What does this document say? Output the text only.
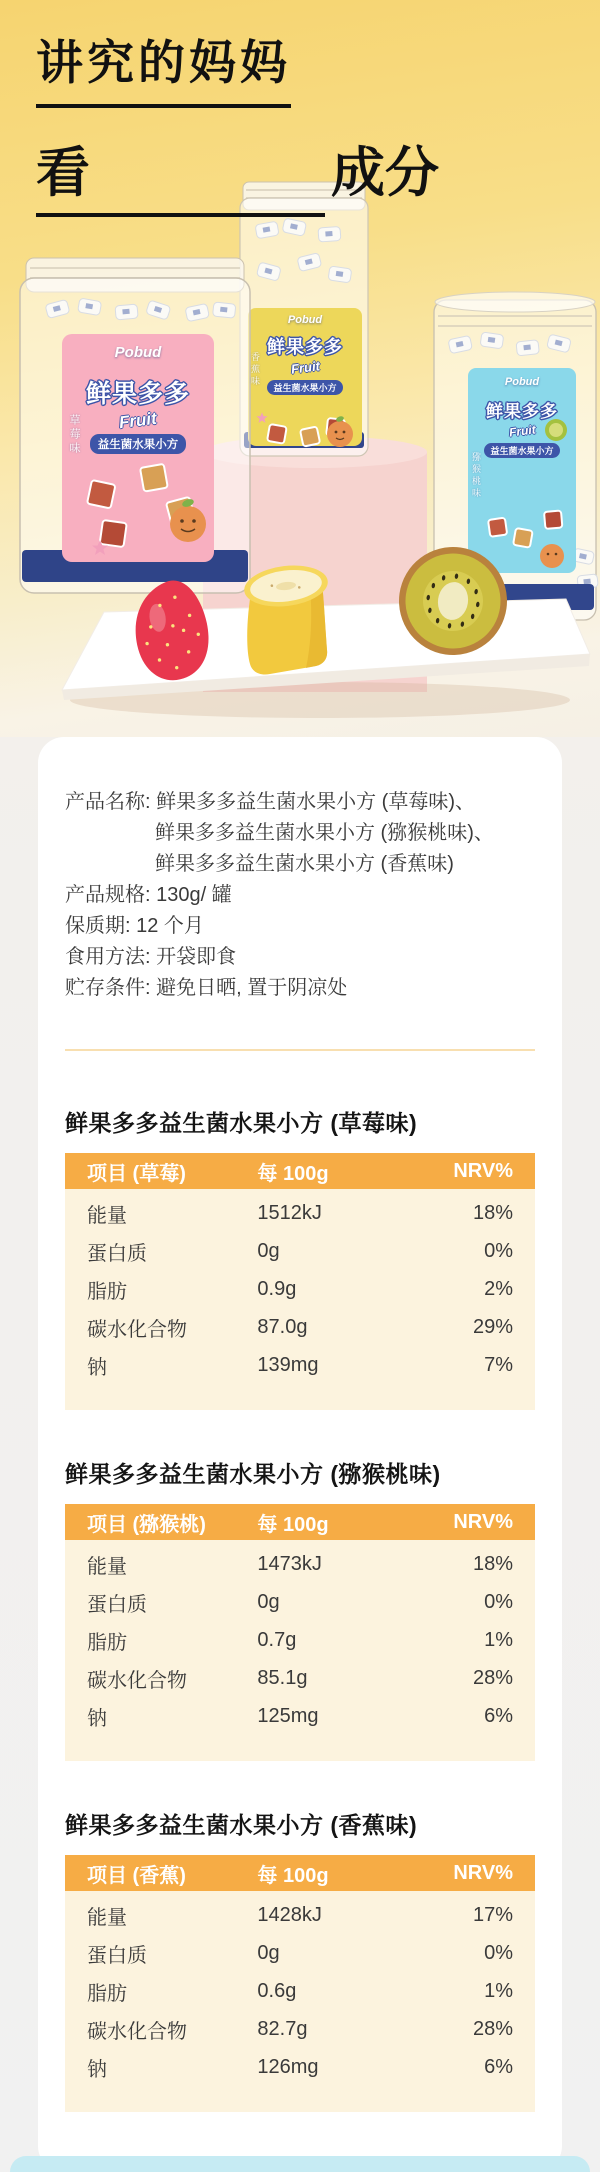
Pobud
鲜果多多
Fruit
益生菌水果小方
草莓味
Pobud
鲜果多多
Fruit
益生菌水果小方
香蕉味	Pobud
鲜果多多
Fruit
益生菌水果小方
猕猴桃味
讲究的妈妈
看	成分
产品名称: 鲜果多多益生菌水果小方 (草莓味)、
鲜果多多益生菌水果小方 (猕猴桃味)、
鲜果多多益生菌水果小方 (香蕉味)
产品规格: 130g/ 罐
保质期: 12 个月
食用方法: 开袋即食
贮存条件: 避免日晒, 置于阴凉处
鲜果多多益生菌水果小方 (草莓味)
项目 (草莓)	每 100g	NRV%
能量	1512kJ	18%
蛋白质	0g	0%
脂肪	0.9g	2%
碳水化合物	87.0g	29%
钠	139mg	7%
鲜果多多益生菌水果小方 (猕猴桃味)
项目 (猕猴桃)	每 100g	NRV%
能量	1473kJ	18%
蛋白质	0g	0%
脂肪	0.7g	1%
碳水化合物	85.1g	28%
钠	125mg	6%
鲜果多多益生菌水果小方 (香蕉味)
项目 (香蕉)	每 100g	NRV%
能量	1428kJ	17%
蛋白质	0g	0%
脂肪	0.6g	1%
碳水化合物	82.7g	28%
钠	126mg	6%
